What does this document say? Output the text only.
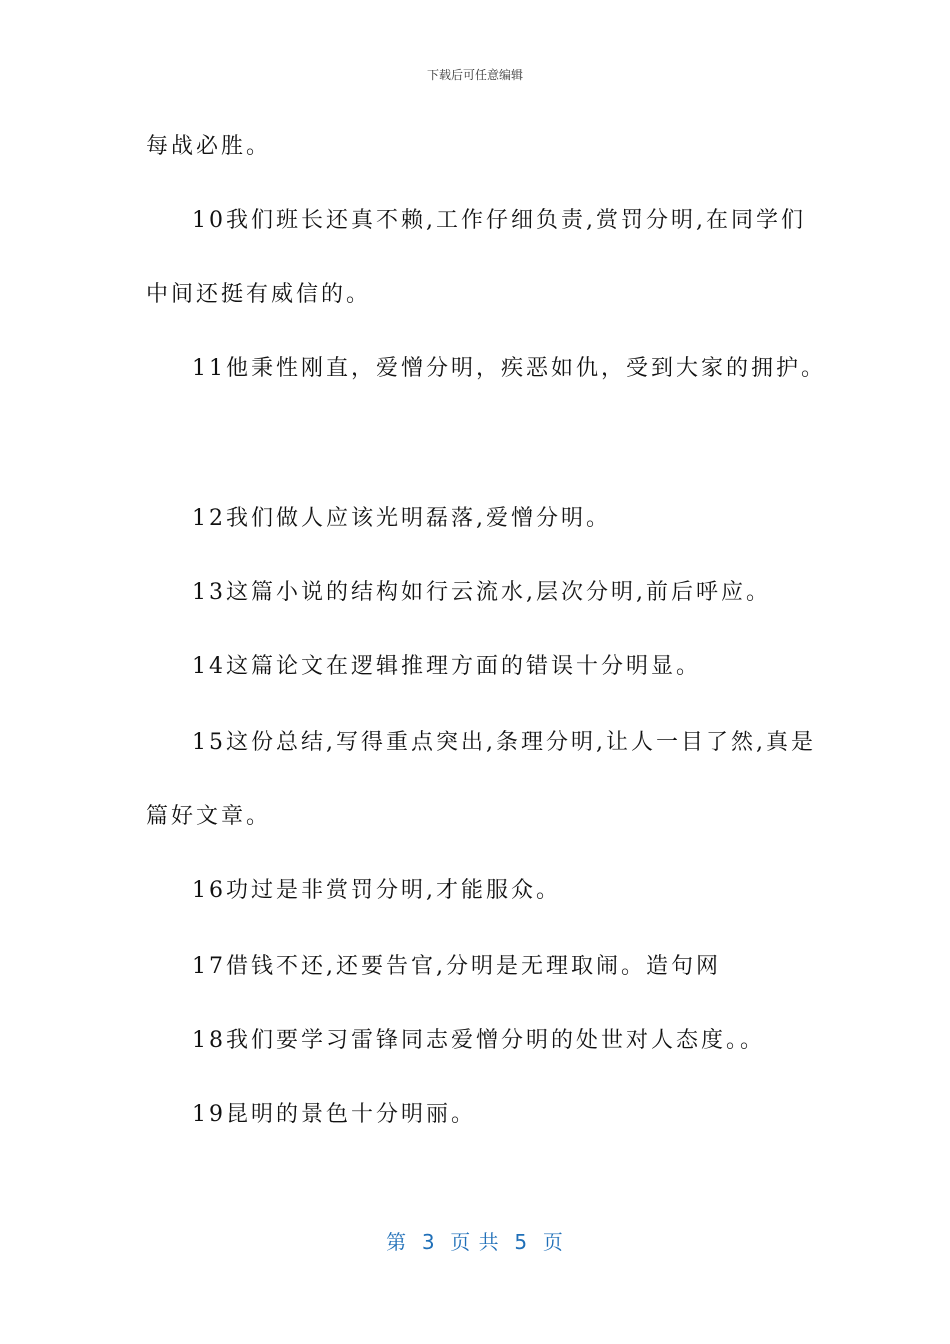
下载后可任意编辑
每战必胜。
10我们班长还真不赖,工作仔细负责,赏罚分明,在同学们
中间还挺有威信的。
11他秉性刚直，爱憎分明，疾恶如仇，受到大家的拥护。
12我们做人应该光明磊落,爱憎分明。
13这篇小说的结构如行云流水,层次分明,前后呼应。
14这篇论文在逻辑推理方面的错误十分明显。
15这份总结,写得重点突出,条理分明,让人一目了然,真是
篇好文章。
16功过是非赏罚分明,才能服众。
17借钱不还,还要告官,分明是无理取闹。造句网
18我们要学习雷锋同志爱憎分明的处世对人态度。。
19昆明的景色十分明丽。
第  3  页 共  5  页
